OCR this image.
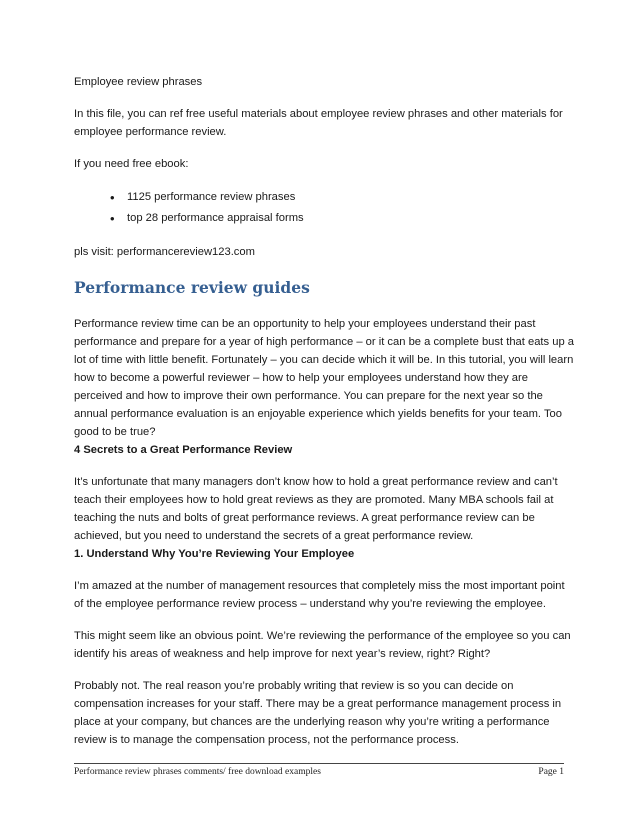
Employee review phrases

In this file, you can ref free useful materials about employee review phrases and other materials for employee performance review.

If you need free ebook:

• 1125 performance review phrases
• top 28 performance appraisal forms

pls visit: performancereview123.com

Performance review guides

Performance review time can be an opportunity to help your employees understand their past performance and prepare for a year of high performance – or it can be a complete bust that eats up a lot of time with little benefit. Fortunately – you can decide which it will be. In this tutorial, you will learn how to become a powerful reviewer – how to help your employees understand how they are perceived and how to improve their own performance. You can prepare for the next year so the annual performance evaluation is an enjoyable experience which yields benefits for your team. Too good to be true?

4 Secrets to a Great Performance Review

It’s unfortunate that many managers don’t know how to hold a great performance review and can’t teach their employees how to hold great reviews as they are promoted. Many MBA schools fail at teaching the nuts and bolts of great performance reviews. A great performance review can be achieved, but you need to understand the secrets of a great performance review.

1. Understand Why You’re Reviewing Your Employee

I’m amazed at the number of management resources that completely miss the most important point of the employee performance review process – understand why you’re reviewing the employee.

This might seem like an obvious point. We’re reviewing the performance of the employee so you can identify his areas of weakness and help improve for next year’s review, right? Right?

Probably not. The real reason you’re probably writing that review is so you can decide on compensation increases for your staff. There may be a great performance management process in place at your company, but chances are the underlying reason why you’re writing a performance review is to manage the compensation process, not the performance process.

Performance review phrases comments/ free download examples	Page 1
